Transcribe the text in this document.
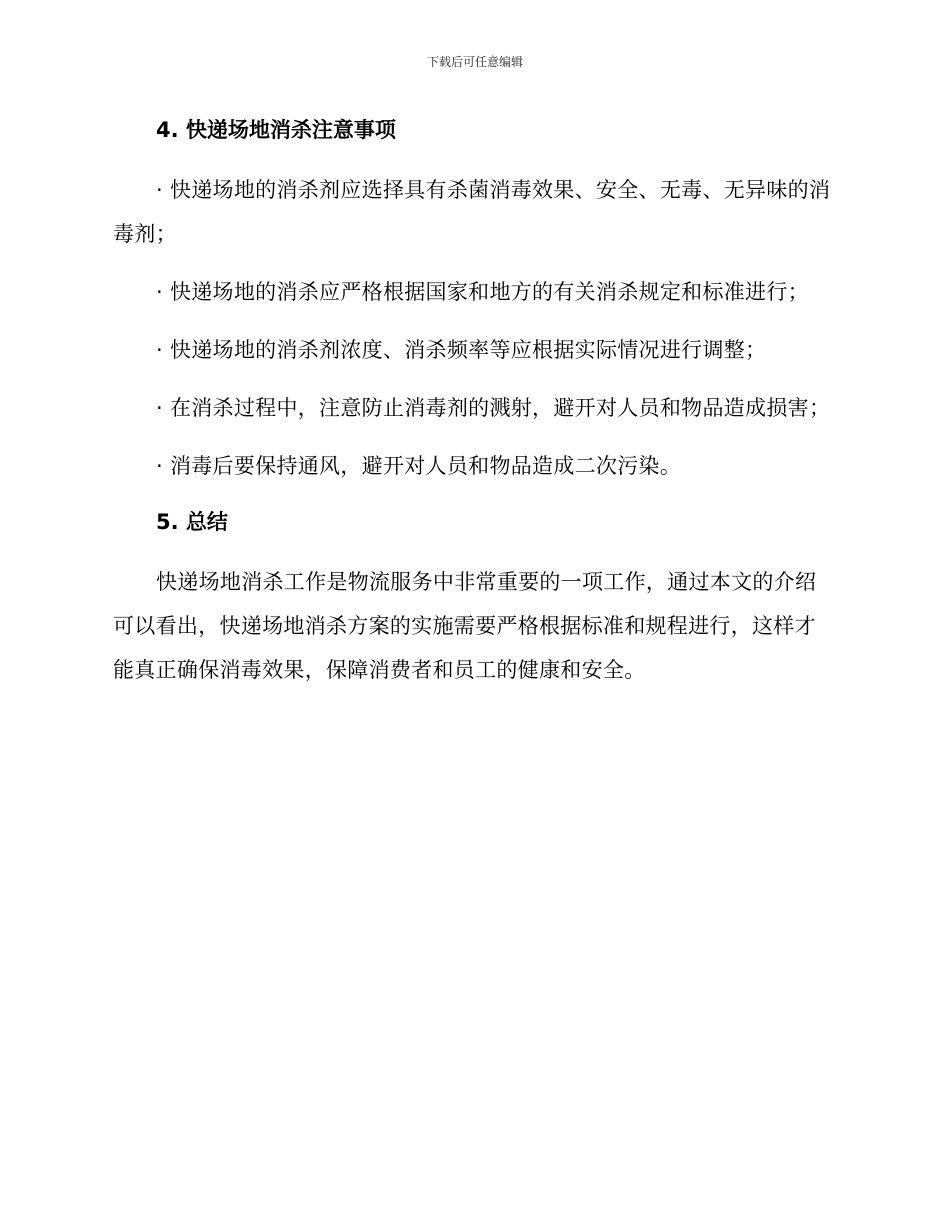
下载后可任意编辑
4. 快递场地消杀注意事项

· 快递场地的消杀剂应选择具有杀菌消毒效果、安全、无毒、无异味的消毒剂；

· 快递场地的消杀应严格根据国家和地方的有关消杀规定和标准进行；

· 快递场地的消杀剂浓度、消杀频率等应根据实际情况进行调整；

· 在消杀过程中，注意防止消毒剂的溅射，避开对人员和物品造成损害；

· 消毒后要保持通风，避开对人员和物品造成二次污染。

5. 总结

快递场地消杀工作是物流服务中非常重要的一项工作，通过本文的介绍可以看出，快递场地消杀方案的实施需要严格根据标准和规程进行，这样才能真正确保消毒效果，保障消费者和员工的健康和安全。
